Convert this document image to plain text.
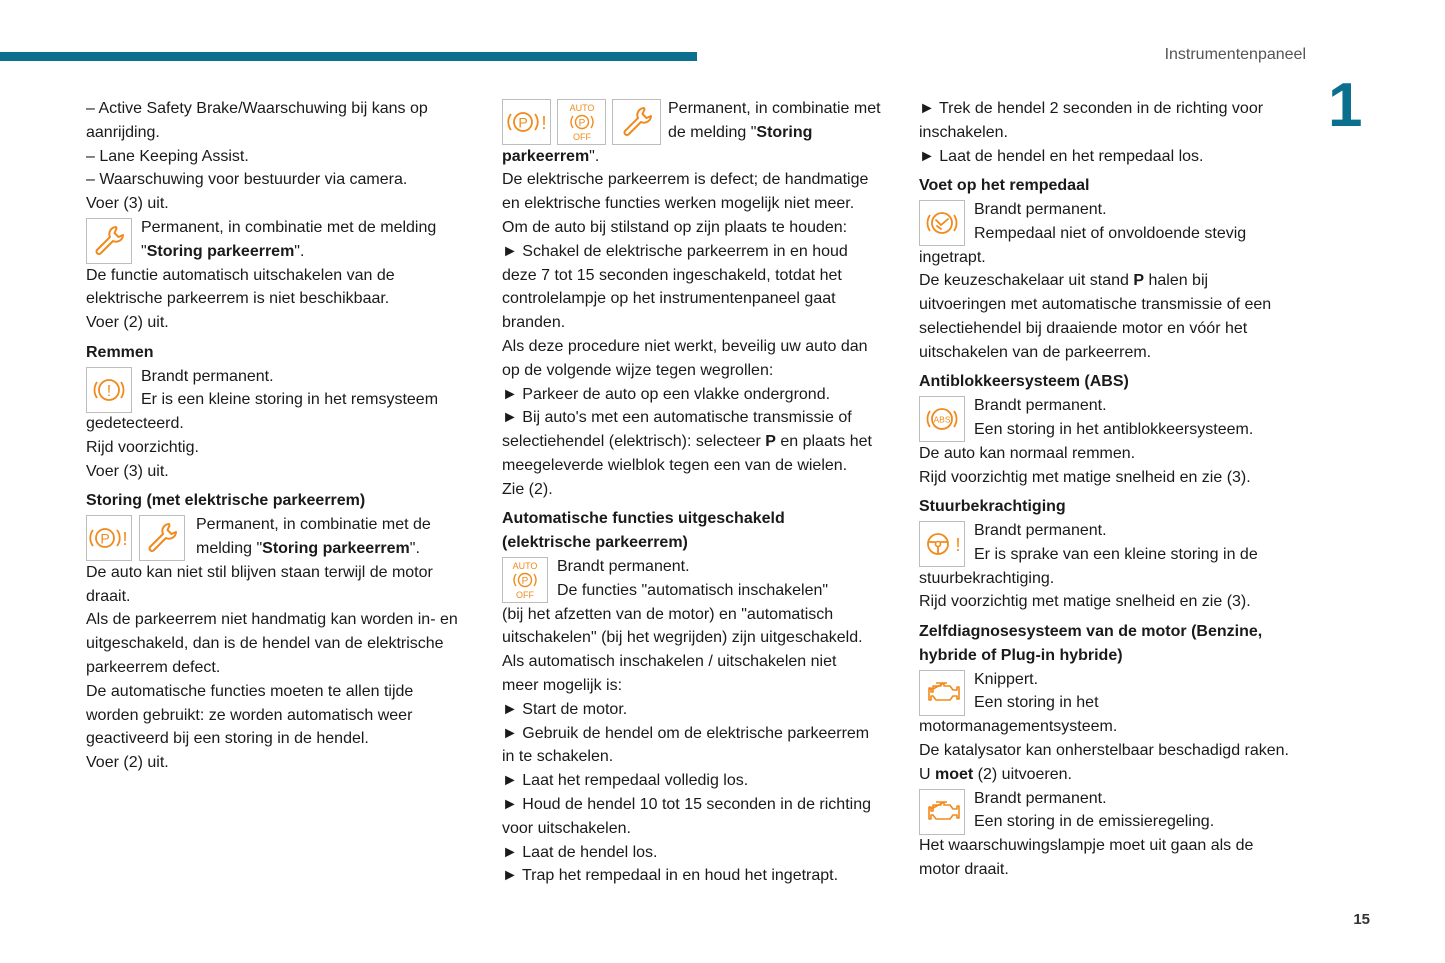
Instrumentenpaneel
1
15
– Active Safety Brake/Waarschuwing bij kans op
aanrijding.
– Lane Keeping Assist.
– Waarschuwing voor bestuurder via camera.
Voer (3) uit.
Permanent, in combinatie met de melding
"Storing parkeerrem".
De functie automatisch uitschakelen van de
elektrische parkeerrem is niet beschikbaar.
Voer (2) uit.
Remmen
!
Brandt permanent.
Er is een kleine storing in het remsysteem
gedetecteerd.
Rijd voorzichtig.
Voer (3) uit.
Storing (met elektrische parkeerrem)
P !
Permanent, in combinatie met de
melding "Storing parkeerrem".
De auto kan niet stil blijven staan terwijl de motor
draait.
Als de parkeerrem niet handmatig kan worden in- en
uitgeschakeld, dan is de hendel van de elektrische
parkeerrem defect.
De automatische functies moeten te allen tijde
worden gebruikt: ze worden automatisch weer
geactiveerd bij een storing in de hendel.
Voer (2) uit.
P !
AUTO
P
OFF
Permanent, in combinatie met
de melding "Storing
parkeerrem".
De elektrische parkeerrem is defect; de handmatige
en elektrische functies werken mogelijk niet meer.
Om de auto bij stilstand op zijn plaats te houden:
► Schakel de elektrische parkeerrem in en houd
deze 7 tot 15 seconden ingeschakeld, totdat het
controlelampje op het instrumentenpaneel gaat
branden.
Als deze procedure niet werkt, beveilig uw auto dan
op de volgende wijze tegen wegrollen:
► Parkeer de auto op een vlakke ondergrond.
► Bij auto's met een automatische transmissie of
selectiehendel (elektrisch): selecteer P en plaats het
meegeleverde wielblok tegen een van de wielen.
Zie (2).
Automatische functies uitgeschakeld
(elektrische parkeerrem)
AUTO
P
OFF
Brandt permanent.
De functies "automatisch inschakelen"
(bij het afzetten van de motor) en "automatisch
uitschakelen" (bij het wegrijden) zijn uitgeschakeld.
Als automatisch inschakelen / uitschakelen niet
meer mogelijk is:
► Start de motor.
► Gebruik de hendel om de elektrische parkeerrem
in te schakelen.
► Laat het rempedaal volledig los.
► Houd de hendel 10 tot 15 seconden in de richting
voor uitschakelen.
► Laat de hendel los.
► Trap het rempedaal in en houd het ingetrapt.
► Trek de hendel 2 seconden in de richting voor
inschakelen.
► Laat de hendel en het rempedaal los.
Voet op het rempedaal
Brandt permanent.
Rempedaal niet of onvoldoende stevig
ingetrapt.
De keuzeschakelaar uit stand P halen bij
uitvoeringen met automatische transmissie of een
selectiehendel bij draaiende motor en vóór het
uitschakelen van de parkeerrem.
Antiblokkeersysteem (ABS)
ABS
Brandt permanent.
Een storing in het antiblokkeersysteem.
De auto kan normaal remmen.
Rijd voorzichtig met matige snelheid en zie (3).
Stuurbekrachtiging
!
Brandt permanent.
Er is sprake van een kleine storing in de
stuurbekrachtiging.
Rijd voorzichtig met matige snelheid en zie (3).
Zelfdiagnosesysteem van de motor (Benzine,
hybride of Plug-in hybride)
Knippert.
Een storing in het
motormanagementsysteem.
De katalysator kan onherstelbaar beschadigd raken.
U moet (2) uitvoeren.
Brandt permanent.
Een storing in de emissieregeling.
Het waarschuwingslampje moet uit gaan als de
motor draait.
